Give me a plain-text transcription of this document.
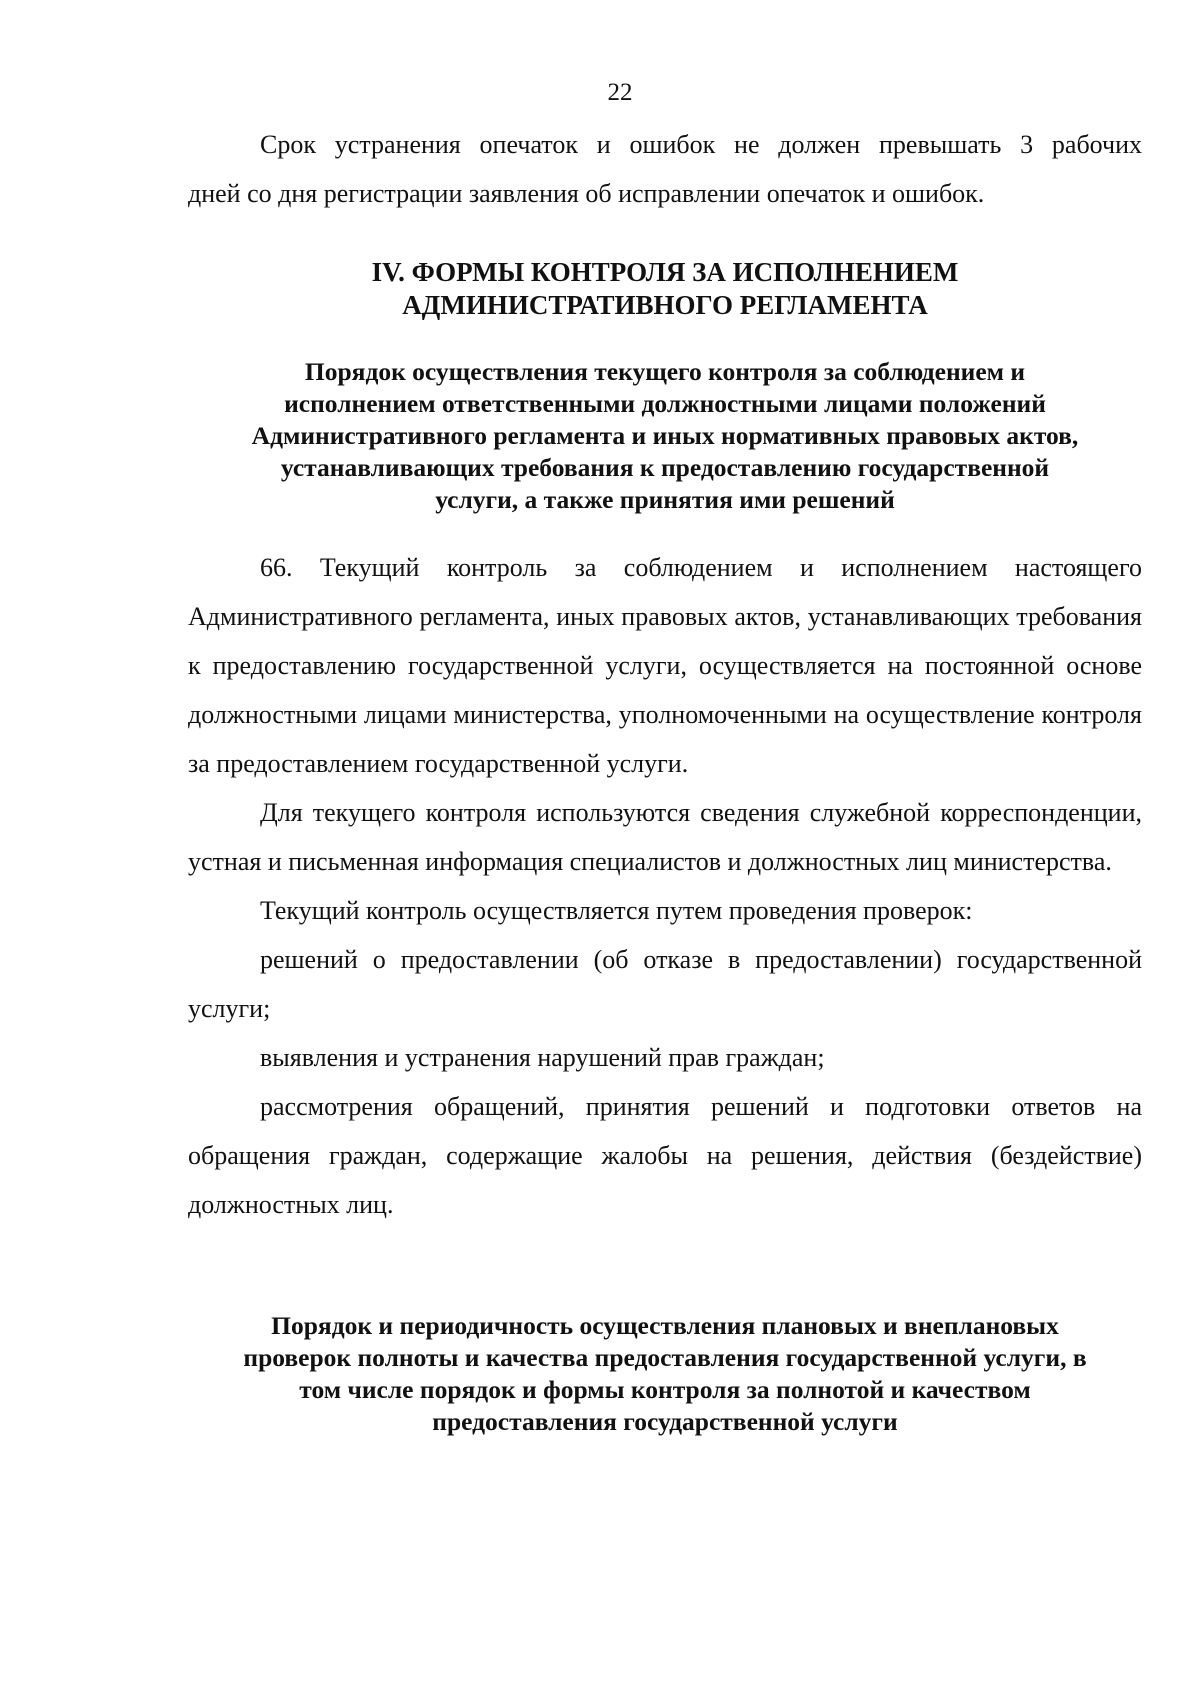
22

Срок устранения опечаток и ошибок не должен превышать 3 рабочих

дней со дня регистрации заявления об исправлении опечаток и ошибок.

IV. ФОРМЫ КОНТРОЛЯ ЗА ИСПОЛНЕНИЕМ
АДМИНИСТРАТИВНОГО РЕГЛАМЕНТА
Порядок осуществления текущего контроля за соблюдением и
исполнением ответственными должностными лицами положений
Административного регламента и иных нормативных правовых актов,
устанавливающих требования к предоставлению государственной
услуги, а также принятия ими решений

66. Текущий контроль за соблюдением и исполнением настоящего Административного регламента, иных правовых актов, устанавливающих требования к предоставлению государственной услуги, осуществляется на постоянной основе должностными лицами министерства, уполномоченными на осуществление контроля за предоставлением государственной услуги.

Для текущего контроля используются сведения служебной корреспонденции, устная и письменная информация специалистов и должностных лиц министерства.

Текущий контроль осуществляется путем проведения проверок:

решений о предоставлении (об отказе в предоставлении) государственной услуги;

выявления и устранения нарушений прав граждан;

рассмотрения обращений, принятия решений и подготовки ответов на обращения граждан, содержащие жалобы на решения, действия (бездействие) должностных лиц.

Порядок и периодичность осуществления плановых и внеплановых
проверок полноты и качества предоставления государственной услуги, в
том числе порядок и формы контроля за полнотой и качеством
предоставления государственной услуги
